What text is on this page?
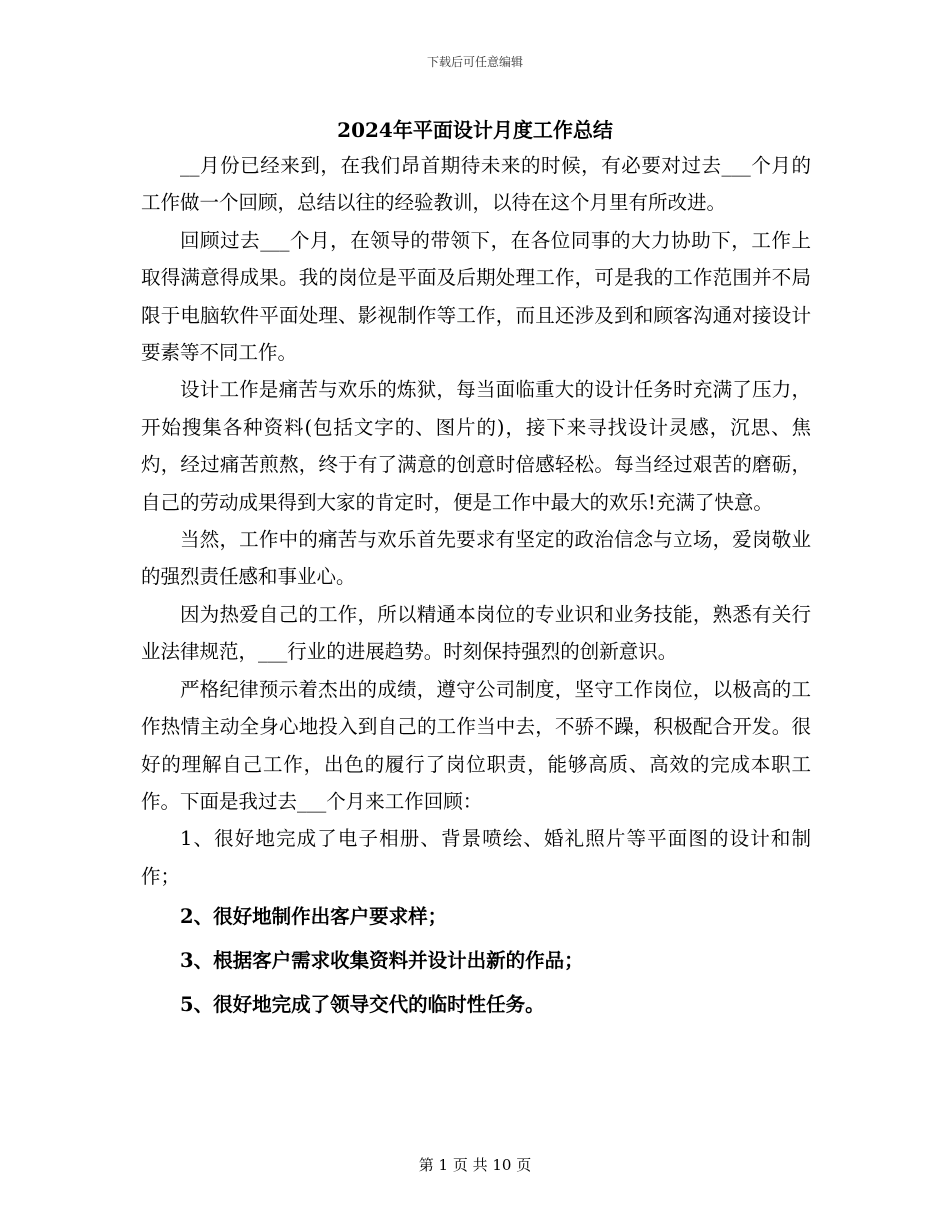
下载后可任意编辑
2024年平面设计月度工作总结

__月份已经来到，在我们昂首期待未来的时候，有必要对过去___个月的工作做一个回顾，总结以往的经验教训，以待在这个月里有所改进。

回顾过去___个月，在领导的带领下，在各位同事的大力协助下，工作上取得满意得成果。我的岗位是平面及后期处理工作，可是我的工作范围并不局限于电脑软件平面处理、影视制作等工作，而且还涉及到和顾客沟通对接设计要素等不同工作。

设计工作是痛苦与欢乐的炼狱，每当面临重大的设计任务时充满了压力，开始搜集各种资料(包括文字的、图片的)，接下来寻找设计灵感，沉思、焦灼，经过痛苦煎熬，终于有了满意的创意时倍感轻松。每当经过艰苦的磨砺，自己的劳动成果得到大家的肯定时，便是工作中最大的欢乐!充满了快意。

当然，工作中的痛苦与欢乐首先要求有坚定的政治信念与立场，爱岗敬业的强烈责任感和事业心。

因为热爱自己的工作，所以精通本岗位的专业识和业务技能，熟悉有关行业法律规范，___行业的进展趋势。时刻保持强烈的创新意识。

严格纪律预示着杰出的成绩，遵守公司制度，坚守工作岗位，以极高的工作热情主动全身心地投入到自己的工作当中去，不骄不躁，积极配合开发。很好的理解自己工作，出色的履行了岗位职责，能够高质、高效的完成本职工作。下面是我过去___个月来工作回顾：

1、很好地完成了电子相册、背景喷绘、婚礼照片等平面图的设计和制作；

2、很好地制作出客户要求样；

3、根据客户需求收集资料并设计出新的作品；

5、很好地完成了领导交代的临时性任务。

第 1 页 共 10 页
